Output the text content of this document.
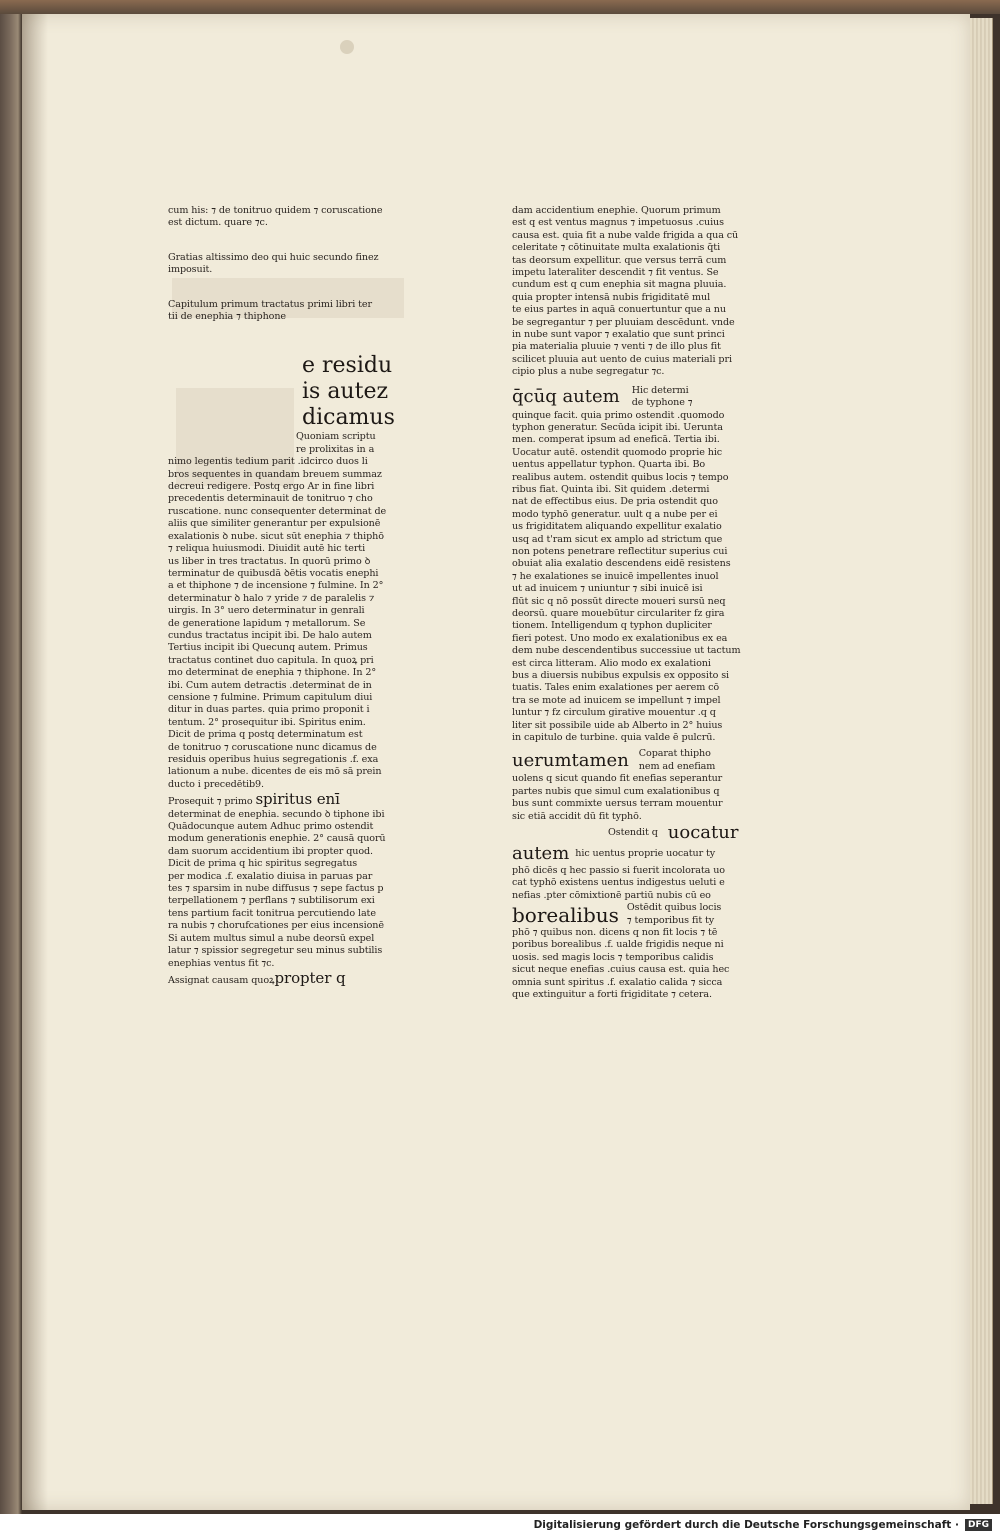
cum his: ⁊ de tonitruo quidem ⁊ coruscatione

est dictum. quare ⁊c.

Gratias altissimo deo qui huic secundo finez

imposuit.

Capitulum primum tractatus primi libri ter

tii de enephia ⁊ thiphone

e residu

is autez

dicamus

Quoniam scriptu

re prolixitas in a

nimo legentis tedium parit .idcirco duos li

bros sequentes in quandam breuem summaz

decreui redigere. Postq ergo Ar in fine libri

precedentis determinauit de tonitruo ⁊ cho

ruscatione. nunc consequenter determinat de

aliis que similiter generantur per expulsionē

exalationis ꝺ nube. sicut sūt enephia ⁊ thiphō

⁊ reliqua huiusmodi. Diuidit autē hic terti

us liber in tres tractatus. In quorū primo ꝺ

terminatur de quibusdā ꝺētis vocatis enephi

a et thiphone ⁊ de incensione ⁊ fulmine. In 2°

determinatur ꝺ halo ⁊ yride ⁊ de paralelis ⁊

uirgis. In 3° uero determinatur in genrali

de generatione lapidum ⁊ metallorum. Se

cundus tractatus incipit ibi. De halo autem

Tertius incipit ibi Quecunq autem. Primus

tractatus continet duo capitula. In quoꝝ pri

mo determinat de enephia ⁊ thiphone. In 2°

ibi. Cum autem detractis .determinat de in

censione ⁊ fulmine. Primum capitulum diui

ditur in duas partes. quia primo proponit i

tentum. 2° prosequitur ibi. Spiritus enim.

Dicit de prima q postq determinatum est

de tonitruo ⁊ coruscatione nunc dicamus de

residuis operibus huius segregationis .f. exa

lationum a nube. dicentes de eis mō sā prein

ducto i precedētib9.

Prosequit ⁊ primo spiritus enī

determinat de enephia. secundo ꝺ tiphone ibi

Quādocunque autem Adhuc primo ostendit

modum generationis enephie. 2° causā quorū

dam suorum accidentium ibi propter quod.

Dicit de prima q hic spiritus segregatus

per modica .f. exalatio diuisa in paruas par

tes ⁊ sparsim in nube diffusus ⁊ sepe factus p

terpellationem ⁊ perflans ⁊ subtilisorum exi

tens partium facit tonitrua percutiendo late

ra nubis ⁊ chorufcationes per eius incensionē

Si autem multus simul a nube deorsū expel

latur ⁊ spissior segregetur seu minus subtilis

enephias ventus fit ⁊c.

Assignat causam quoꝝpropter q

dam accidentium enephie. Quorum primum

est q est ventus magnus ⁊ impetuosus .cuius

causa est. quia fit a nube valde frigida a qua cū

celeritate ⁊ cōtinuitate multa exalationis q̄ti

tas deorsum expellitur. que versus terrā cum

impetu lateraliter descendit ⁊ fit ventus. Se

cundum est q cum enephia sit magna pluuia.

quia propter intensā nubis frigiditatē mul

te eius partes in aquā conuertuntur que a nu

be segregantur ⁊ per pluuiam descēdunt. vnde

in nube sunt vapor ⁊ exalatio que sunt princi

pia materialia pluuie ⁊ venti ⁊ de illo plus fit

scilicet pluuia aut uento de cuius materiali pri

cipio plus a nube segregatur ⁊c.

q̄cūq autem Hic determi

de typhone ⁊

quinque facit. quia primo ostendit .quomodo

typhon generatur. Secūda icipit ibi. Uerunta

men. comperat ipsum ad eneficā. Tertia ibi.

Uocatur autē. ostendit quomodo proprie hic

uentus appellatur typhon. Quarta ibi. Bo

realibus autem. ostendit quibus locis ⁊ tempo

ribus fiat. Quinta ibi. Sit quidem .determi

nat de effectibus eius. De pria ostendit quo

modo typhō generatur. uult q a nube per ei

us frigiditatem aliquando expellitur exalatio

usq ad t'ram sicut ex amplo ad strictum que

non potens penetrare reflectitur superius cui

obuiat alia exalatio descendens eidē resistens

⁊ he exalationes se inuicē impellentes inuol

ut ad inuicem ⁊ uniuntur ⁊ sibi inuicē isi

flūt sic q nō possūt directe moueri sursū neq

deorsū. quare mouebūtur circulariter fz gira

tionem. Intelligendum q typhon dupliciter

fieri potest. Uno modo ex exalationibus ex ea

dem nube descendentibus successiue ut tactum

est circa litteram. Alio modo ex exalationi

bus a diuersis nubibus expulsis ex opposito si

tuatis. Tales enim exalationes per aerem cō

tra se mote ad inuicem se impellunt ⁊ impel

luntur ⁊ fz circulum girative mouentur .q q

liter sit possibile uide ab Alberto in 2° huius

in capitulo de turbine. quia valde ē pulcrū.

uerumtamen Coparat thipho

nem ad enefiam

uolens q sicut quando fit enefias seperantur

partes nubis que simul cum exalationibus q

bus sunt commixte uersus terram mouentur

sic etiā accidit dū fit typhō.

Ostendit q uocatur
autem hic uentus proprie uocatur ty

phō dicēs q hec passio si fuerit incolorata uo

cat typhō existens uentus indigestus ueluti e

nefias .pter cōmixtionē partiū nubis cū eo

borealibus Ostēdit quibus locis

⁊ temporibus fit ty

phō ⁊ quibus non. dicens q non fit locis ⁊ tē

poribus borealibus .f. ualde frigidis neque ni

uosis. sed magis locis ⁊ temporibus calidis

sicut neque enefias .cuius causa est. quia hec

omnia sunt spiritus .f. exalatio calida ⁊ sicca

que extinguitur a forti frigiditate ⁊ cetera.

Digitalisierung gefördert durch die Deutsche Forschungsgemeinschaft ·	DFG
